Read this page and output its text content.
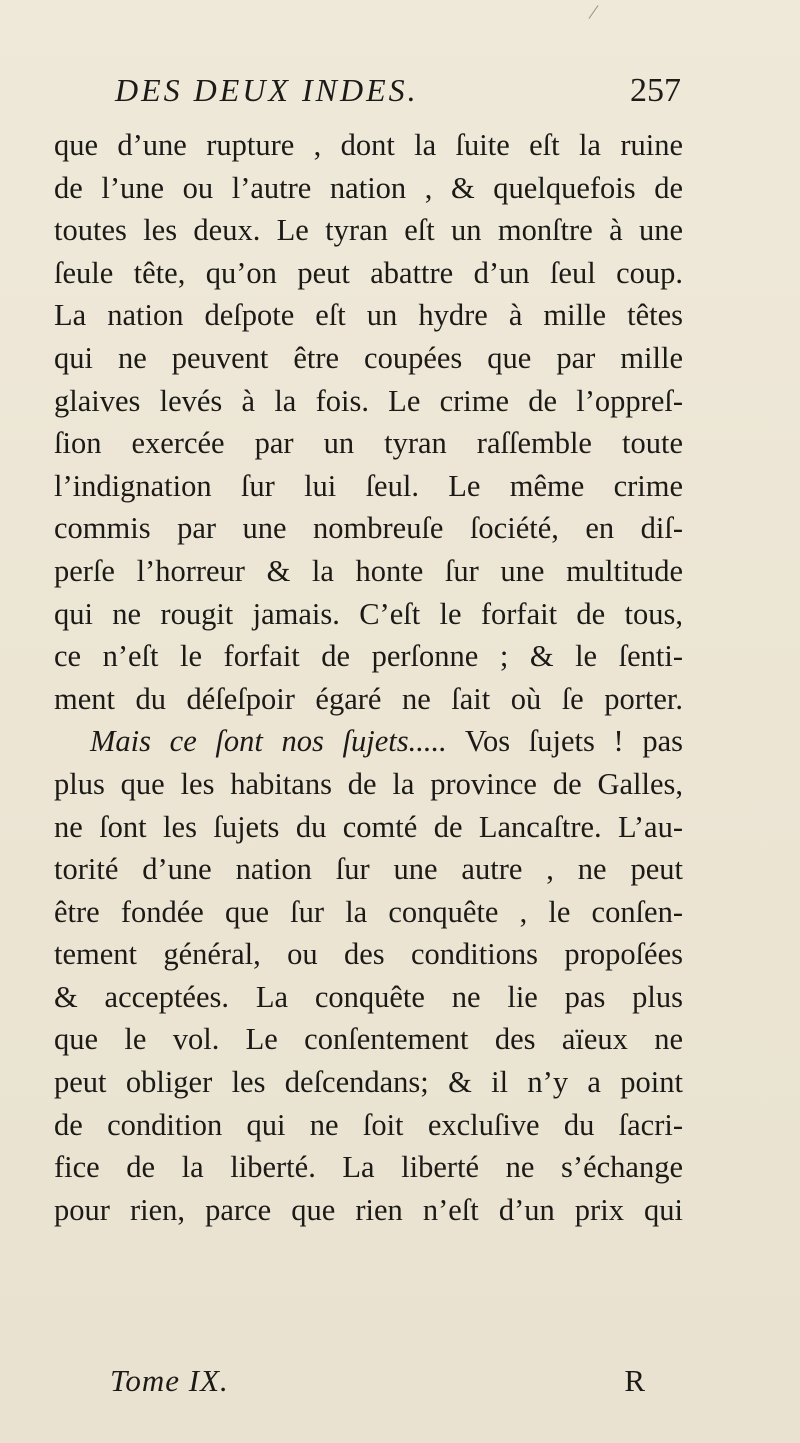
DES DEUX INDES.	257
que d’une rupture , dont la ſuite eſt la ruine
de l’une ou l’autre nation , & quelquefois de
toutes les deux. Le tyran eſt un monſtre à une
ſeule tête, qu’on peut abattre d’un ſeul coup.
La nation deſpote eſt un hydre à mille têtes
qui ne peuvent être coupées que par mille
glaives levés à la fois. Le crime de l’oppreſ-
ſion exercée par un tyran raſſemble toute
l’indignation ſur lui ſeul. Le même crime
commis par une nombreuſe ſociété, en diſ-
perſe l’horreur & la honte ſur une multitude
qui ne rougit jamais. C’eſt le forfait de tous,
ce n’eſt le forfait de perſonne ; & le ſenti-
ment du déſeſpoir égaré ne ſait où ſe porter.
Mais ce ſont nos ſujets..... Vos ſujets ! pas
plus que les habitans de la province de Galles,
ne ſont les ſujets du comté de Lancaſtre. L’au-
torité d’une nation ſur une autre , ne peut
être fondée que ſur la conquête , le conſen-
tement général, ou des conditions propoſées
& acceptées. La conquête ne lie pas plus
que le vol. Le conſentement des aïeux ne
peut obliger les deſcendans; & il n’y a point
de condition qui ne ſoit excluſive du ſacri-
fice de la liberté. La liberté ne s’échange
pour rien, parce que rien n’eſt d’un prix qui
Tome IX.	R
